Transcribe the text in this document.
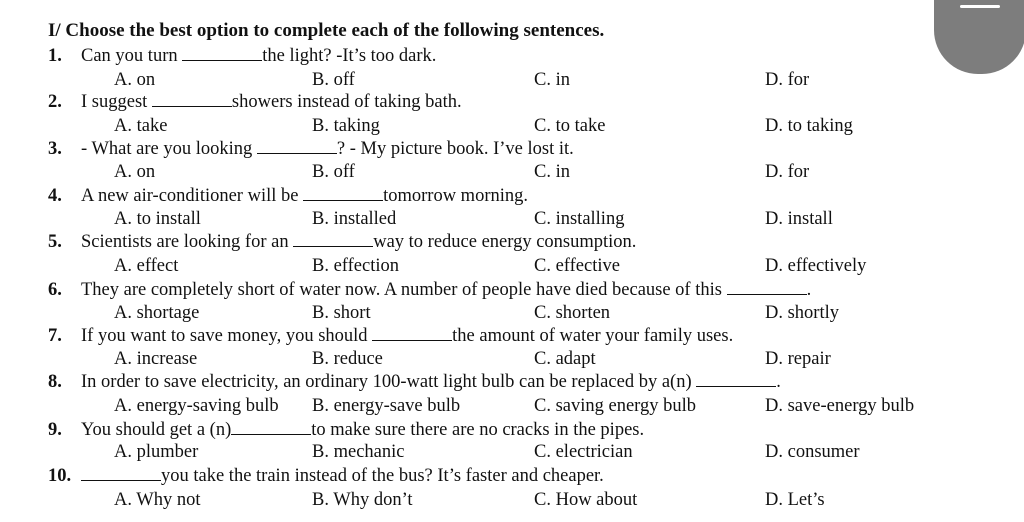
I/ Choose the best option to complete each of the following sentences.
1. Can you turn	the light? -It’s too dark.
A. on	B. off	C. in	D. for
2. I suggest	showers instead of taking bath.
A. take	B. taking	C. to take	D. to taking
3. - What are you looking	? - My picture book. I’ve lost it.
A. on	B. off	C. in	D. for
4. A new air-conditioner will be	tomorrow morning.
A. to install	B. installed	C. installing	D. install
5. Scientists are looking for an	way to reduce energy consumption.
A. effect	B. effection	C. effective	D. effectively
6. They are completely short of water now. A number of people have died because of this	.
A. shortage	B. short	C. shorten	D. shortly
7. If you want to save money, you should	the amount of water your family uses.
A. increase	B. reduce	C. adapt	D. repair
8. In order to save electricity, an ordinary 100-watt light bulb can be replaced by a(n)	.
A. energy-saving bulb B. energy-save bulb	C. saving energy bulb	D. save-energy bulb
9. You should get a (n)	to make sure there are no cracks in the pipes.
A. plumber	B. mechanic	C. electrician	D. consumer
10.	you take the train instead of the bus? It’s faster and cheaper.
A. Why not	B. Why don’t	C. How about	D. Let’s
